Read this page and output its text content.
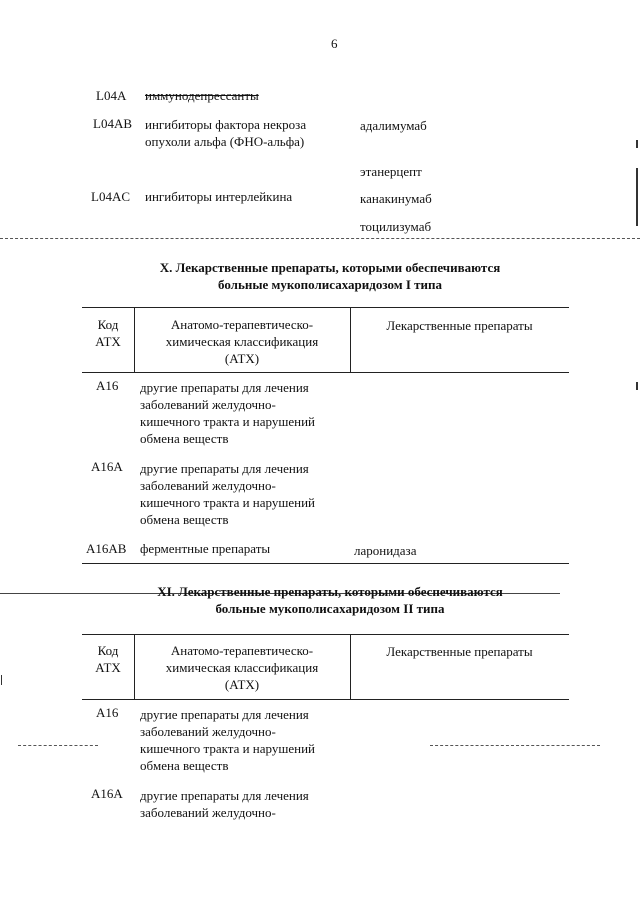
6
L04A иммунодепрессанты
L04AB ингибиторы фактора некроза
опухоли альфа (ФНО-альфа)
адалимумаб
этанерцепт
L04AC ингибиторы интерлейкина	канакинумаб
тоцилизумаб
X. Лекарственные препараты, которыми обеспечиваются
больные мукополисахаридозом I типа
Код
АТХ
Анатомо-терапевтическо-
химическая классификация
(АТХ)
Лекарственные препараты
A16 другие препараты для лечения
заболеваний желудочно-
кишечного тракта и нарушений
обмена веществ
A16A другие препараты для лечения
заболеваний желудочно-
кишечного тракта и нарушений
обмена веществ
A16AB ферментные препараты	ларонидаза
XI. Лекарственные препараты, которыми обеспечиваются
больные мукополисахаридозом II типа
Код
АТХ
Анатомо-терапевтическо-
химическая классификация
(АТХ)
Лекарственные препараты
A16 другие препараты для лечения
заболеваний желудочно-
кишечного тракта и нарушений
обмена веществ
A16A другие препараты для лечения
заболеваний желудочно-
